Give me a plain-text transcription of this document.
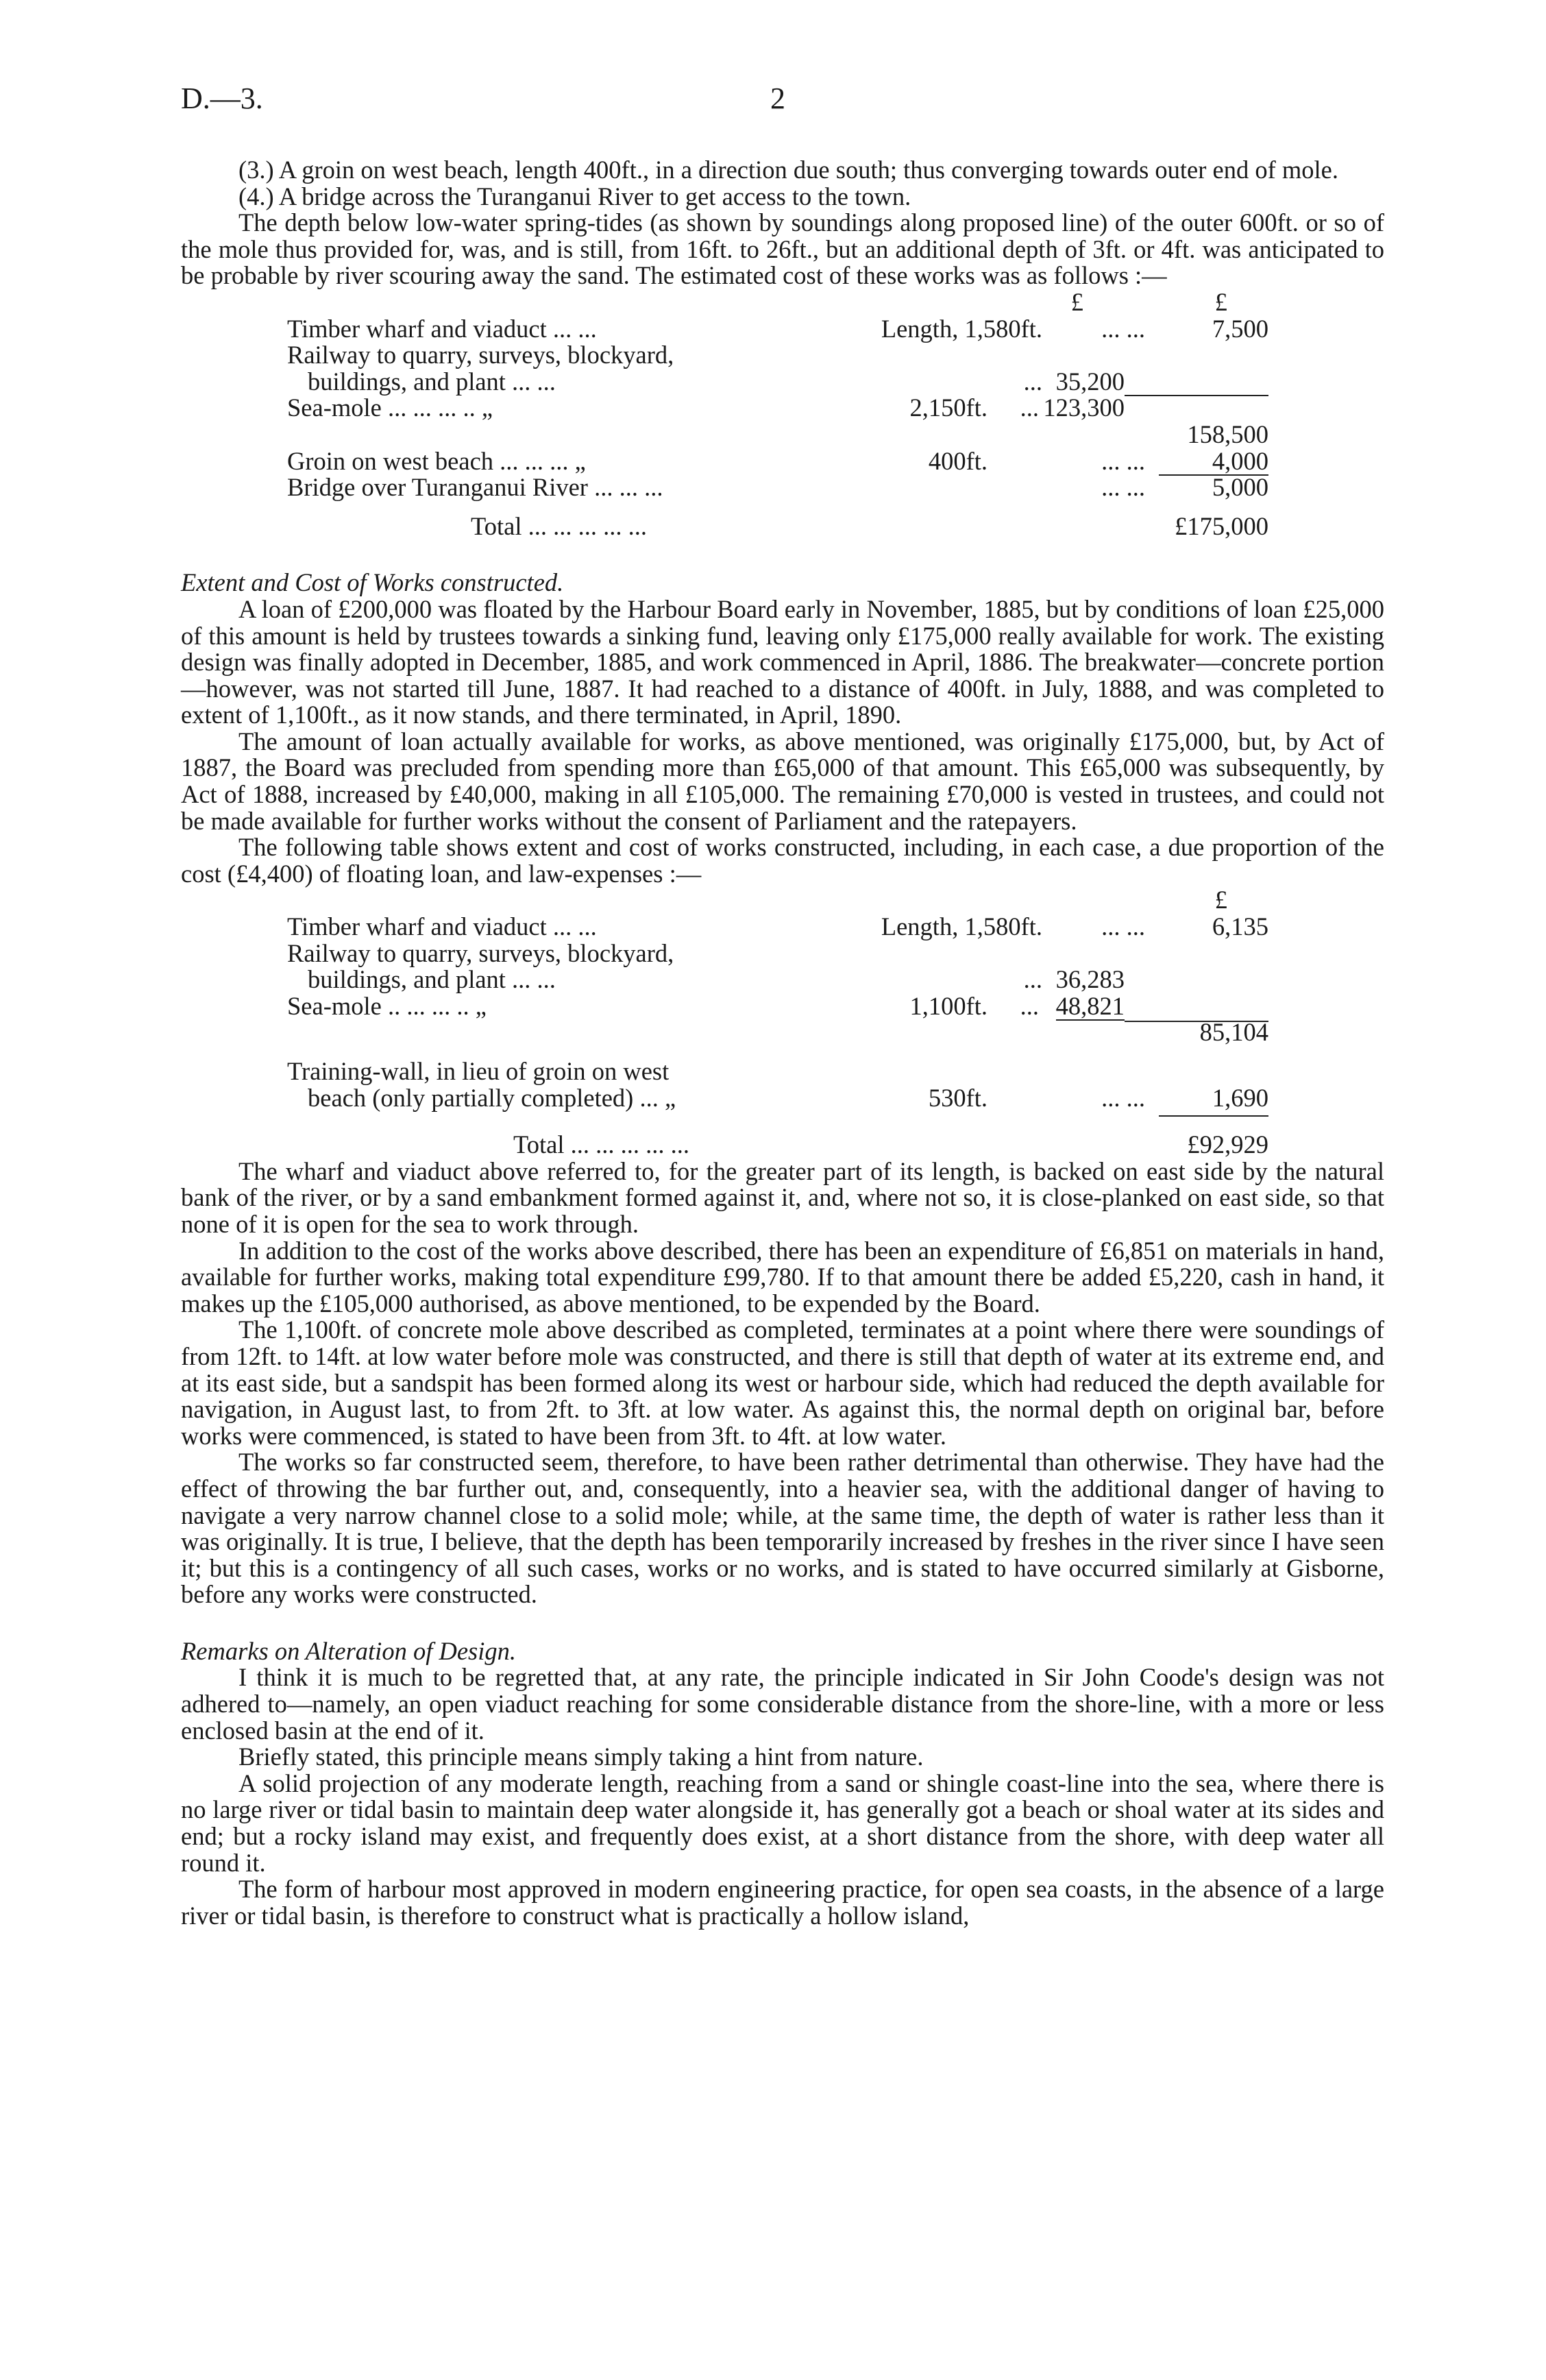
D.—3.	2

(3.) A groin on west beach, length 400ft., in a direction due south; thus converging towards outer end of mole.

(4.) A bridge across the Turanganui River to get access to the town.

The depth below low-water spring-tides (as shown by soundings along proposed line) of the outer 600ft. or so of the mole thus provided for, was, and is still, from 16ft. to 26ft., but an additional depth of 3ft. or 4ft. was anticipated to be probable by river scouring away the sand. The estimated cost of these works was as follows :—

£	£
Timber wharf and viaduct ... ...	Length, 1,580ft. ... ...	7,500
Railway to quarry, surveys, blockyard,
buildings, and plant ... ...	... 35,200
Sea-mole ... ... ... .. „	2,150ft. ... 123,300
158,500
Groin on west beach ... ... ... „	400ft.	... ...	4,000
Bridge over Turanganui River ... ... ...	... ...	5,000
Total ... ... ... ... ...	£175,000

Extent and Cost of Works constructed.

A loan of £200,000 was floated by the Harbour Board early in November, 1885, but by conditions of loan £25,000 of this amount is held by trustees towards a sinking fund, leaving only £175,000 really available for work. The existing design was finally adopted in December, 1885, and work commenced in April, 1886. The breakwater—concrete portion—however, was not started till June, 1887. It had reached to a distance of 400ft. in July, 1888, and was completed to extent of 1,100ft., as it now stands, and there terminated, in April, 1890.

The amount of loan actually available for works, as above mentioned, was originally £175,000, but, by Act of 1887, the Board was precluded from spending more than £65,000 of that amount. This £65,000 was subsequently, by Act of 1888, increased by £40,000, making in all £105,000. The remaining £70,000 is vested in trustees, and could not be made available for further works without the consent of Parliament and the ratepayers.

The following table shows extent and cost of works constructed, including, in each case, a due proportion of the cost (£4,400) of floating loan, and law-expenses :—

£
Timber wharf and viaduct ... ...	Length, 1,580ft. ... ...	6,135
Railway to quarry, surveys, blockyard,
buildings, and plant ... ...	... 36,283
Sea-mole .. ... ... .. „	1,100ft. ... 48,821
85,104
Training-wall, in lieu of groin on west
beach (only partially completed) ... „	530ft.	... ...	1,690
Total ... ... ... ... ...	£92,929

The wharf and viaduct above referred to, for the greater part of its length, is backed on east side by the natural bank of the river, or by a sand embankment formed against it, and, where not so, it is close-planked on east side, so that none of it is open for the sea to work through.

In addition to the cost of the works above described, there has been an expenditure of £6,851 on materials in hand, available for further works, making total expenditure £99,780. If to that amount there be added £5,220, cash in hand, it makes up the £105,000 authorised, as above mentioned, to be expended by the Board.

The 1,100ft. of concrete mole above described as completed, terminates at a point where there were soundings of from 12ft. to 14ft. at low water before mole was constructed, and there is still that depth of water at its extreme end, and at its east side, but a sandspit has been formed along its west or harbour side, which had reduced the depth available for navigation, in August last, to from 2ft. to 3ft. at low water. As against this, the normal depth on original bar, before works were commenced, is stated to have been from 3ft. to 4ft. at low water.

The works so far constructed seem, therefore, to have been rather detrimental than otherwise. They have had the effect of throwing the bar further out, and, consequently, into a heavier sea, with the additional danger of having to navigate a very narrow channel close to a solid mole; while, at the same time, the depth of water is rather less than it was originally. It is true, I believe, that the depth has been temporarily increased by freshes in the river since I have seen it; but this is a contingency of all such cases, works or no works, and is stated to have occurred similarly at Gisborne, before any works were constructed.

Remarks on Alteration of Design.

I think it is much to be regretted that, at any rate, the principle indicated in Sir John Coode's design was not adhered to—namely, an open viaduct reaching for some considerable distance from the shore-line, with a more or less enclosed basin at the end of it.

Briefly stated, this principle means simply taking a hint from nature.

A solid projection of any moderate length, reaching from a sand or shingle coast-line into the sea, where there is no large river or tidal basin to maintain deep water alongside it, has generally got a beach or shoal water at its sides and end; but a rocky island may exist, and frequently does exist, at a short distance from the shore, with deep water all round it.

The form of harbour most approved in modern engineering practice, for open sea coasts, in the absence of a large river or tidal basin, is therefore to construct what is practically a hollow island,
